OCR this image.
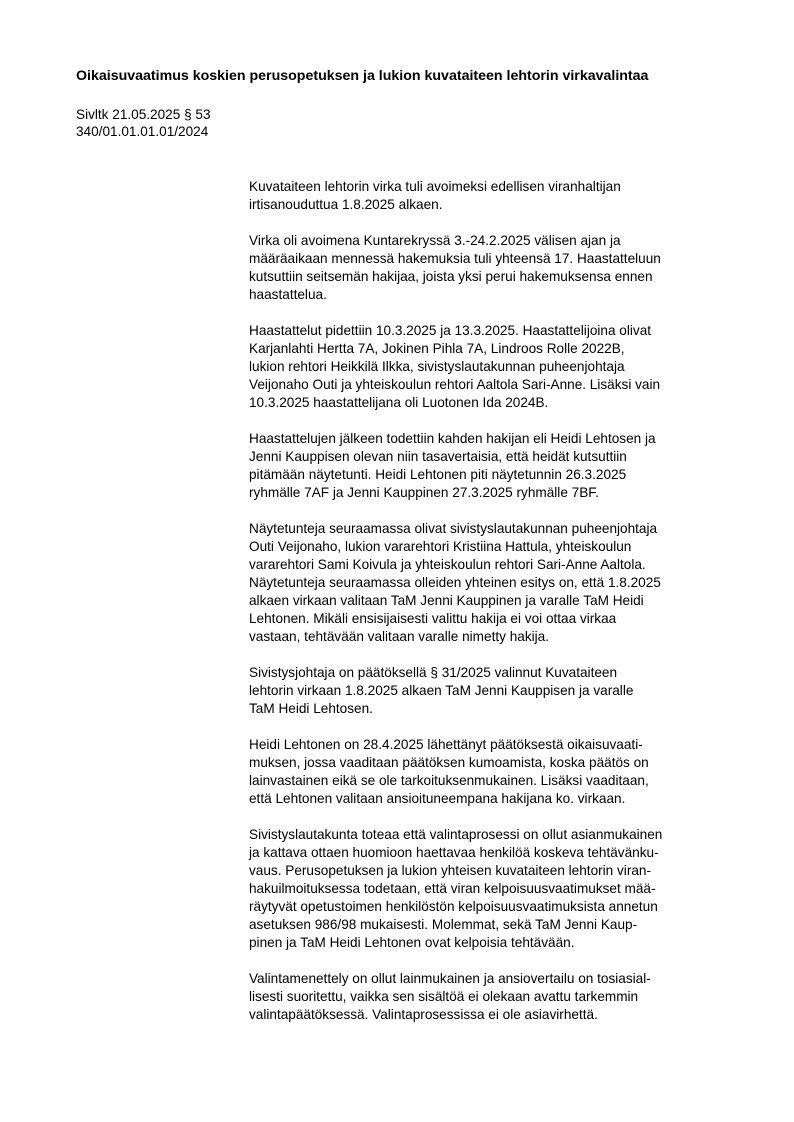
Oikaisuvaatimus koskien perusopetuksen ja lukion kuvataiteen lehtorin virkavalintaa
Sivltk 21.05.2025 § 53
340/01.01.01.01/2024
Kuvataiteen lehtorin virka tuli avoimeksi edellisen viranhaltijan
irtisanouduttua 1.8.2025 alkaen.
Virka oli avoimena Kuntarekryssä 3.-24.2.2025 välisen ajan ja
määräaikaan mennessä hakemuksia tuli yhteensä 17. Haastatteluun
kutsuttiin seitsemän hakijaa, joista yksi perui hakemuksensa ennen
haastattelua.
Haastattelut pidettiin 10.3.2025 ja 13.3.2025. Haastattelijoina olivat
Karjanlahti Hertta 7A, Jokinen Pihla 7A, Lindroos Rolle 2022B,
lukion rehtori Heikkilä Ilkka, sivistyslautakunnan puheenjohtaja
Veijonaho Outi ja yhteiskoulun rehtori Aaltola Sari-Anne. Lisäksi vain
10.3.2025 haastattelijana oli Luotonen Ida 2024B.
Haastattelujen jälkeen todettiin kahden hakijan eli Heidi Lehtosen ja
Jenni Kauppisen olevan niin tasavertaisia, että heidät kutsuttiin
pitämään näytetunti. Heidi Lehtonen piti näytetunnin 26.3.2025
ryhmälle 7AF ja Jenni Kauppinen 27.3.2025 ryhmälle 7BF.
Näytetunteja seuraamassa olivat sivistyslautakunnan puheenjohtaja
Outi Veijonaho, lukion vararehtori Kristiina Hattula, yhteiskoulun
vararehtori Sami Koivula ja yhteiskoulun rehtori Sari-Anne Aaltola.
Näytetunteja seuraamassa olleiden yhteinen esitys on, että 1.8.2025
alkaen virkaan valitaan TaM Jenni Kauppinen ja varalle TaM Heidi
Lehtonen. Mikäli ensisijaisesti valittu hakija ei voi ottaa virkaa
vastaan, tehtävään valitaan varalle nimetty hakija.
Sivistysjohtaja on päätöksellä § 31/2025 valinnut Kuvataiteen
lehtorin virkaan 1.8.2025 alkaen TaM Jenni Kauppisen ja varalle
TaM Heidi Lehtosen.
Heidi Lehtonen on 28.4.2025 lähettänyt päätöksestä oikaisuvaati-
muksen, jossa vaaditaan päätöksen kumoamista, koska päätös on
lainvastainen eikä se ole tarkoituksenmukainen. Lisäksi vaaditaan,
että Lehtonen valitaan ansioituneempana hakijana ko. virkaan.
Sivistyslautakunta toteaa että valintaprosessi on ollut asianmukainen
ja kattava ottaen huomioon haettavaa henkilöä koskeva tehtävänku-
vaus. Perusopetuksen ja lukion yhteisen kuvataiteen lehtorin viran-
hakuilmoituksessa todetaan, että viran kelpoisuusvaatimukset mää-
räytyvät opetustoimen henkilöstön kelpoisuusvaatimuksista annetun
asetuksen 986/98 mukaisesti. Molemmat, sekä TaM Jenni Kaup-
pinen ja TaM Heidi Lehtonen ovat kelpoisia tehtävään.
Valintamenettely on ollut lainmukainen ja ansiovertailu on tosiasial-
lisesti suoritettu, vaikka sen sisältöä ei olekaan avattu tarkemmin
valintapäätöksessä. Valintaprosessissa ei ole asiavirhettä.
